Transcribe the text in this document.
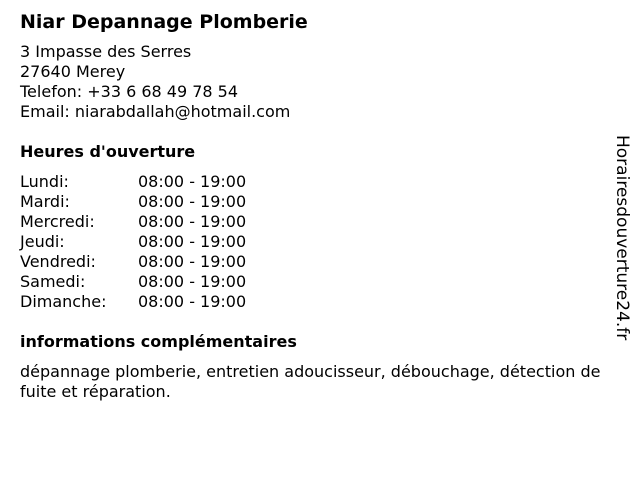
Niar Depannage Plomberie
3 Impasse des Serres
27640 Merey
Telefon: +33 6 68 49 78 54
Email: niarabdallah@hotmail.com
Heures d'ouverture
Lundi:	08:00 - 19:00
Mardi:	08:00 - 19:00
Mercredi:	08:00 - 19:00
Jeudi:	08:00 - 19:00
Vendredi:	08:00 - 19:00
Samedi:	08:00 - 19:00
Dimanche:	08:00 - 19:00
informations complémentaires
dépannage plomberie, entretien adoucisseur, débouchage, détection de fuite et réparation.
Horairesdouverture24.fr
